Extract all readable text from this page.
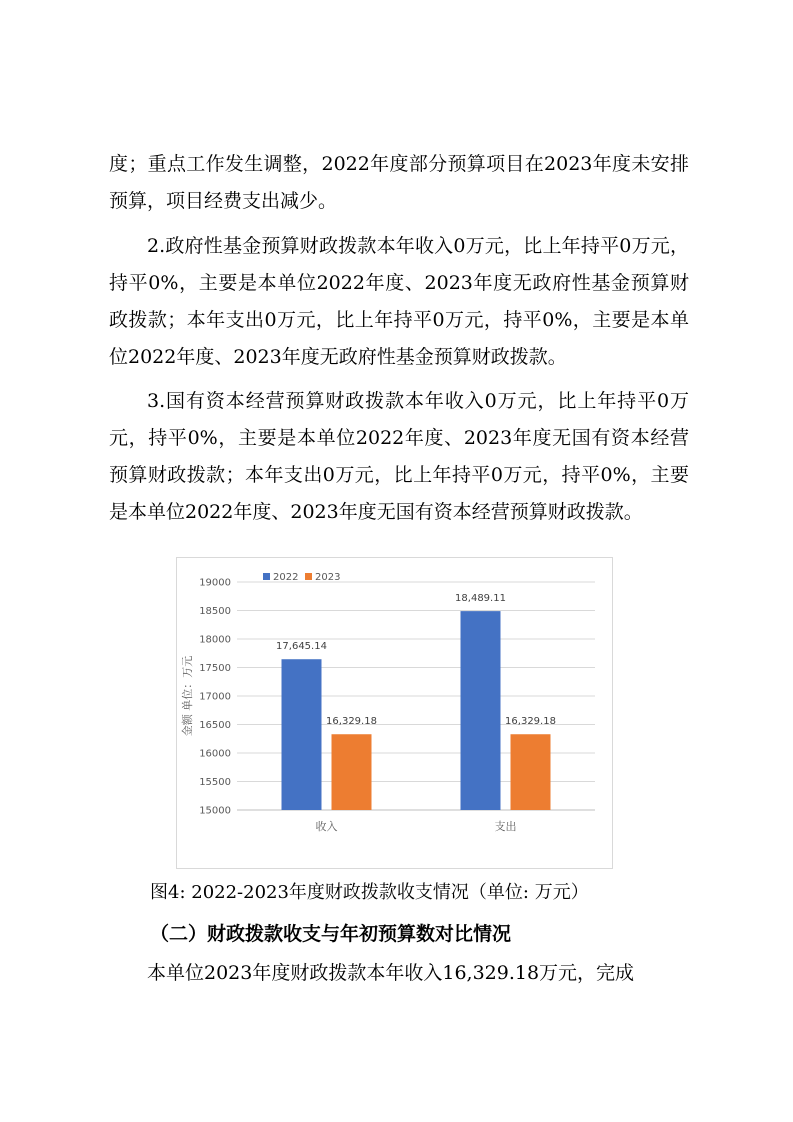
度；重点工作发生调整，2022年度部分预算项目在2023年度未安排预算，项目经费支出减少。

2.政府性基金预算财政拨款本年收入0万元，比上年持平0万元，持平0%，主要是本单位2022年度、2023年度无政府性基金预算财政拨款；本年支出0万元，比上年持平0万元，持平0%，主要是本单位2022年度、2023年度无政府性基金预算财政拨款。

3.国有资本经营预算财政拨款本年收入0万元，比上年持平0万元，持平0%，主要是本单位2022年度、2023年度无国有资本经营预算财政拨款；本年支出0万元，比上年持平0万元，持平0%，主要是本单位2022年度、2023年度无国有资本经营预算财政拨款。

15000
15500
16000
16500
17000
17500
18000
18500
19000
金额 单位：万元
17,645.14
16,329.18
收入
18,489.11
16,329.18
支出
2022 2023
图4: 2022-2023年度财政拨款收支情况（单位: 万元）
（二）财政拨款收支与年初预算数对比情况

本单位2023年度财政拨款本年收入16,329.18万元，完成
